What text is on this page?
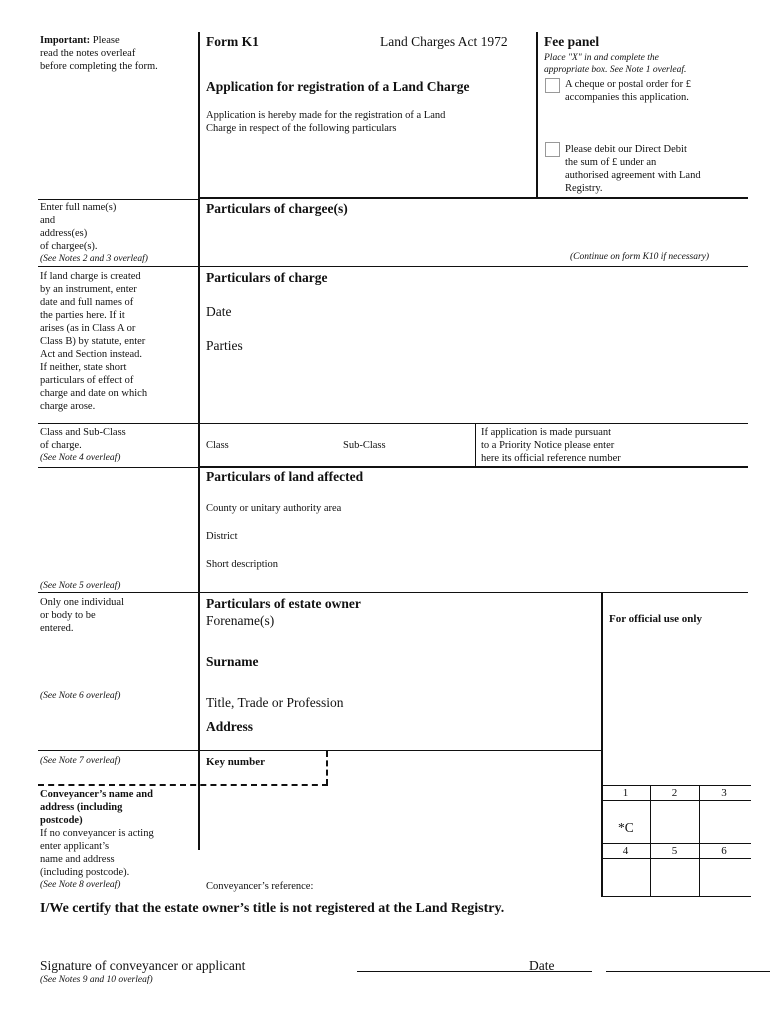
Important: Please
read the notes overleaf
before completing the form.
Form K1	Land Charges Act 1972
Application for registration of a Land Charge
Application is hereby made for the registration of a Land
Charge in respect of the following particulars
Fee panel
Place "X" in and complete the
appropriate box. See Note 1 overleaf.
A cheque or postal order for £
accompanies this application.
Please debit our Direct Debit
the sum of £ under an
authorised agreement with Land
Registry.
Enter full name(s)
and
address(es)
of chargee(s).
(See Notes 2 and 3 overleaf)
Particulars of chargee(s)
(Continue on form K10 if necessary)
If land charge is created
by an instrument, enter
date and full names of
the parties here. If it
arises (as in Class A or
Class B) by statute, enter
Act and Section instead.
If neither, state short
particulars of effect of
charge and date on which
charge arose.
Particulars of charge
Date
Parties
Class and Sub-Class
of charge.
(See Note 4 overleaf)
Class	Sub-Class
If application is made pursuant
to a Priority Notice please enter
here its official reference number
Particulars of land affected
County or unitary authority area
District
Short description
(See Note 5 overleaf)
Only one individual
or body to be
entered.
(See Note 6 overleaf)
Particulars of estate owner
Forename(s)
Surname
Title, Trade or Profession
Address
For official use only
(See Note 7 overleaf)	Key number
Conveyancer’s name and
address (including
postcode)
If no conveyancer is acting
enter applicant’s
name and address
(including postcode).
(See Note 8 overleaf)	Conveyancer’s reference:
1	2	3
*C
4	5	6
I/We certify that the estate owner’s title is not registered at the Land Registry.
Signature of conveyancer or applicant	Date
(See Notes 9 and 10 overleaf)
